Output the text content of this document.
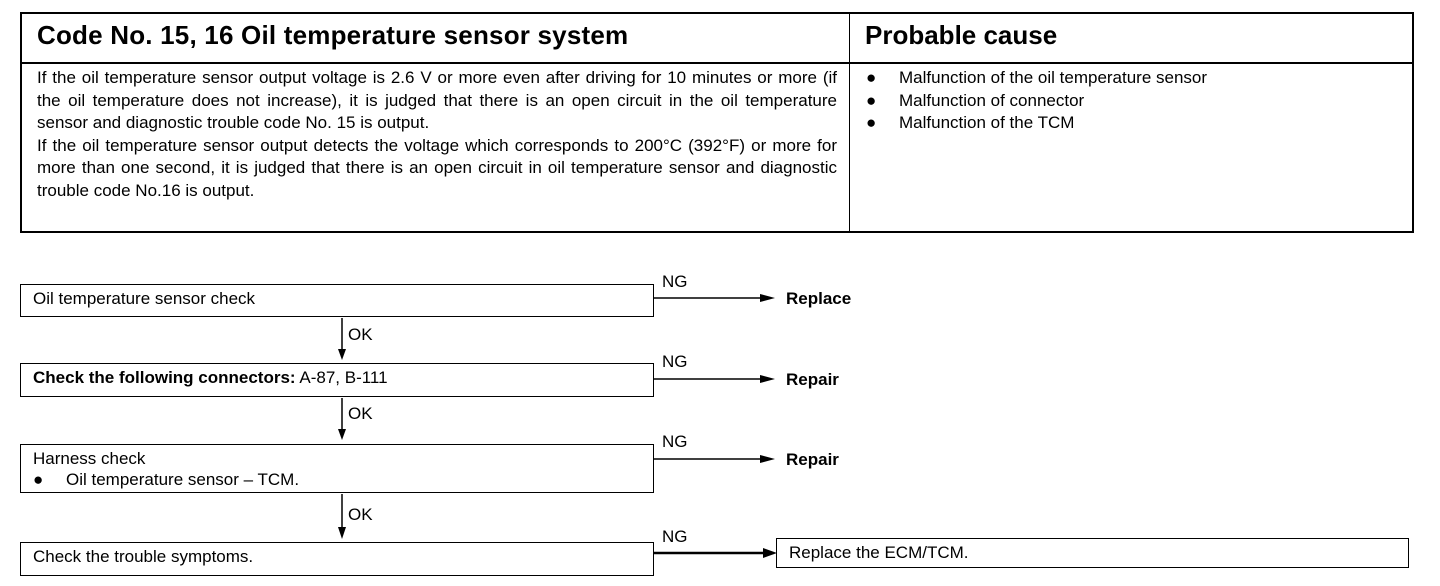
Code No. 15, 16 Oil temperature sensor system	Probable cause

If the oil temperature sensor output voltage is 2.6 V or more even after driving for 10 minutes or more (if the oil temperature does not increase), it is judged that there is an open circuit in the oil temperature sensor and diagnostic trouble code No. 15 is output.

If the oil temperature sensor output detects the voltage which corresponds to 200°C (392°F) or more for more than one second, it is judged that there is an open circuit in oil temperature sensor and diagnostic trouble code No.16 is output.

● Malfunction of the oil temperature sensor
● Malfunction of connector
● Malfunction of the TCM
Oil temperature sensor check
Check the following connectors: A-87, B-111
Harness check
● Oil temperature sensor – TCM.
Check the trouble symptoms.	Replace the ECM/TCM.
NG
NG
NG
NG
OK
OK
OK
Replace
Repair
Repair
